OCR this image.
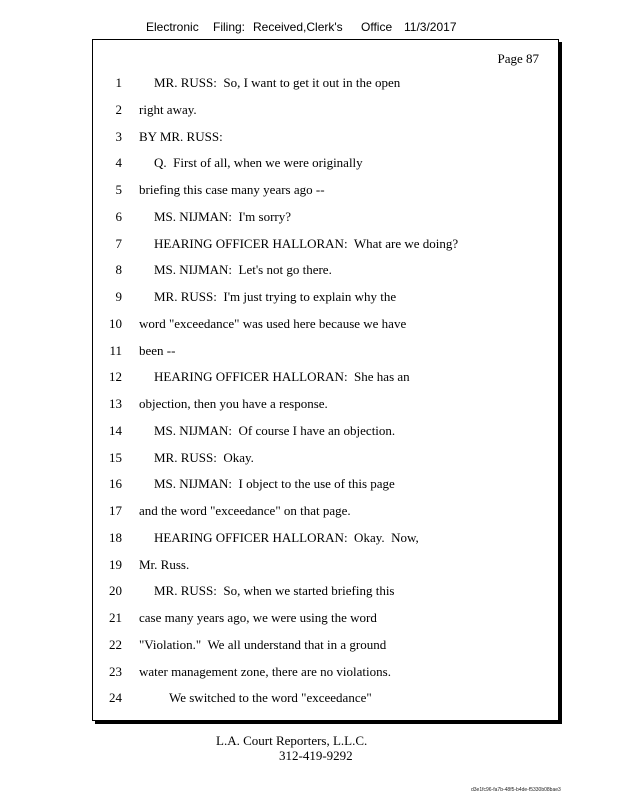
Electronic Filing: Received,Clerk's Office 11/3/2017
Page 87
1 MR. RUSS:  So, I want to get it out in the open
2 right away.
3 BY MR. RUSS:
4 Q.  First of all, when we were originally
5 briefing this case many years ago --
6 MS. NIJMAN:  I'm sorry?
7 HEARING OFFICER HALLORAN:  What are we doing?
8 MS. NIJMAN:  Let's not go there.
9 MR. RUSS:  I'm just trying to explain why the
10 word "exceedance" was used here because we have
11 been --
12 HEARING OFFICER HALLORAN:  She has an
13 objection, then you have a response.
14 MS. NIJMAN:  Of course I have an objection.
15 MR. RUSS:  Okay.
16 MS. NIJMAN:  I object to the use of this page
17 and the word "exceedance" on that page.
18 HEARING OFFICER HALLORAN:  Okay.  Now,
19 Mr. Russ.
20 MR. RUSS:  So, when we started briefing this
21 case many years ago, we were using the word
22 "Violation."  We all understand that in a ground
23 water management zone, there are no violations.
24	We switched to the word "exceedance"
L.A. Court Reporters, L.L.C.
312-419-9292
d3e1fc96-fa7b-48f5-b4de-f5330b08bae3
